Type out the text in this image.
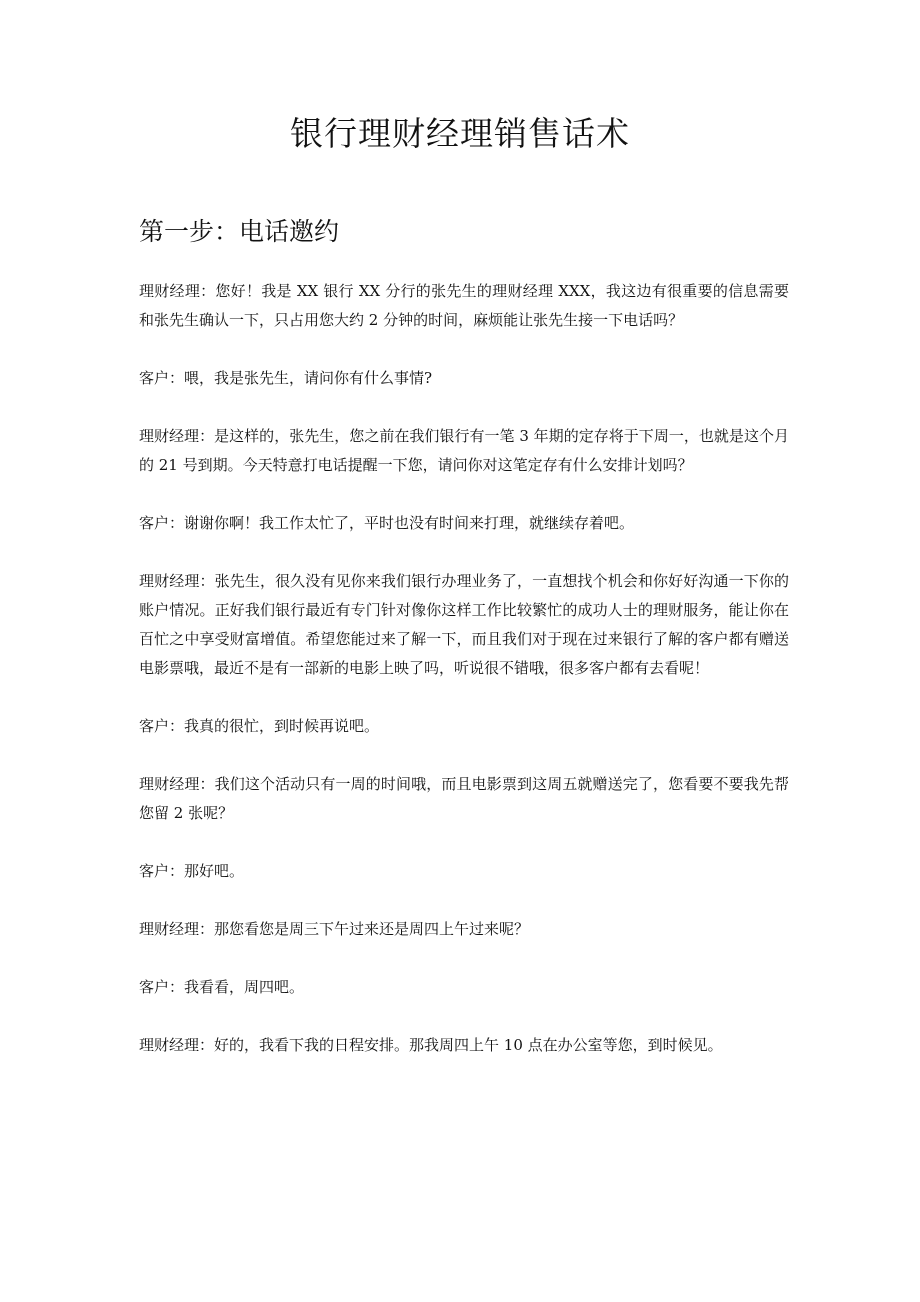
银行理财经理销售话术
第一步：电话邀约

理财经理：您好！我是 XX 银行 XX 分行的张先生的理财经理 XXX，我这边有很重要的信息需要和张先生确认一下，只占用您大约 2 分钟的时间，麻烦能让张先生接一下电话吗？

客户：喂，我是张先生，请问你有什么事情?

理财经理：是这样的，张先生，您之前在我们银行有一笔 3 年期的定存将于下周一，也就是这个月的 21 号到期。今天特意打电话提醒一下您，请问你对这笔定存有什么安排计划吗？

客户：谢谢你啊！我工作太忙了，平时也没有时间来打理，就继续存着吧。

理财经理：张先生，很久没有见你来我们银行办理业务了，一直想找个机会和你好好沟通一下你的账户情况。正好我们银行最近有专门针对像你这样工作比较繁忙的成功人士的理财服务，能让你在百忙之中享受财富增值。希望您能过来了解一下，而且我们对于现在过来银行了解的客户都有赠送电影票哦，最近不是有一部新的电影上映了吗，听说很不错哦，很多客户都有去看呢！

客户：我真的很忙，到时候再说吧。

理财经理：我们这个活动只有一周的时间哦，而且电影票到这周五就赠送完了，您看要不要我先帮您留 2 张呢？

客户：那好吧。

理财经理：那您看您是周三下午过来还是周四上午过来呢？

客户：我看看，周四吧。

理财经理：好的，我看下我的日程安排。那我周四上午 10 点在办公室等您，到时候见。
